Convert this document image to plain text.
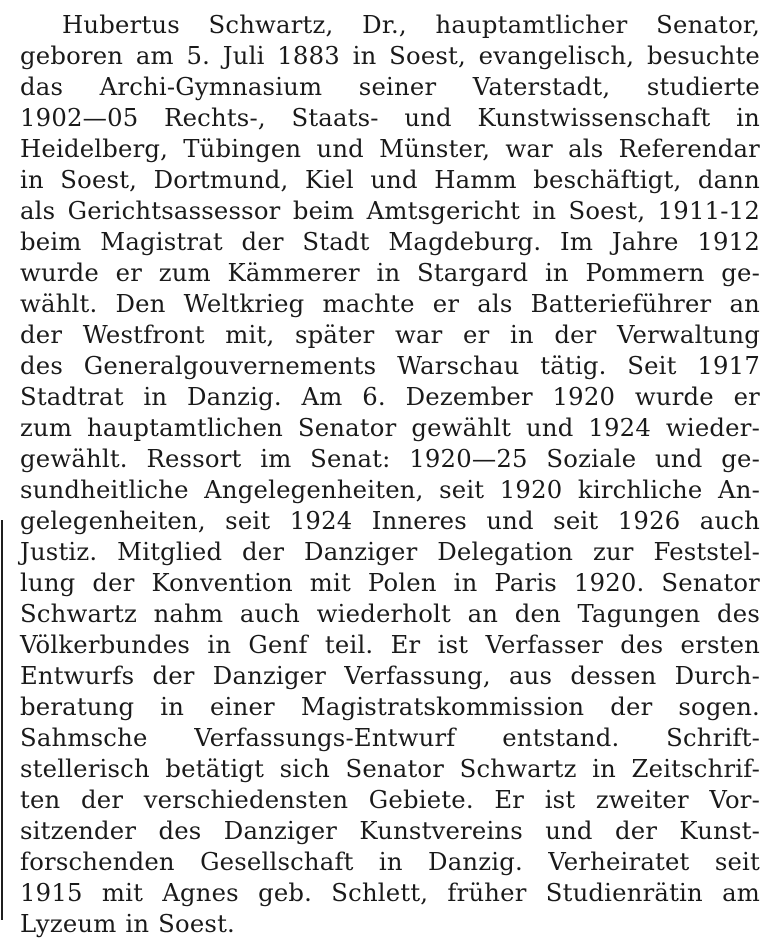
Hubertus Schwartz, Dr., hauptamtlicher Senator,
geboren am 5. Juli 1883 in Soest, evangelisch, besuchte
das Archi-Gymnasium seiner Vaterstadt, studierte
1902—05 Rechts-, Staats- und Kunstwissenschaft in
Heidelberg, Tübingen und Münster, war als Referendar
in Soest, Dortmund, Kiel und Hamm beschäftigt, dann
als Gerichtsassessor beim Amtsgericht in Soest, 1911-12
beim Magistrat der Stadt Magdeburg. Im Jahre 1912
wurde er zum Kämmerer in Stargard in Pommern ge-
wählt. Den Weltkrieg machte er als Batterieführer an
der Westfront mit, später war er in der Verwaltung
des Generalgouvernements Warschau tätig. Seit 1917
Stadtrat in Danzig. Am 6. Dezember 1920 wurde er
zum hauptamtlichen Senator gewählt und 1924 wieder-
gewählt. Ressort im Senat: 1920—25 Soziale und ge-
sundheitliche Angelegenheiten, seit 1920 kirchliche An-
gelegenheiten, seit 1924 Inneres und seit 1926 auch
Justiz. Mitglied der Danziger Delegation zur Feststel-
lung der Konvention mit Polen in Paris 1920. Senator
Schwartz nahm auch wiederholt an den Tagungen des
Völkerbundes in Genf teil. Er ist Verfasser des ersten
Entwurfs der Danziger Verfassung, aus dessen Durch-
beratung in einer Magistratskommission der sogen.
Sahmsche Verfassungs-Entwurf entstand. Schrift-
stellerisch betätigt sich Senator Schwartz in Zeitschrif-
ten der verschiedensten Gebiete. Er ist zweiter Vor-
sitzender des Danziger Kunstvereins und der Kunst-
forschenden Gesellschaft in Danzig. Verheiratet seit
1915 mit Agnes geb. Schlett, früher Studienrätin am
Lyzeum in Soest.
